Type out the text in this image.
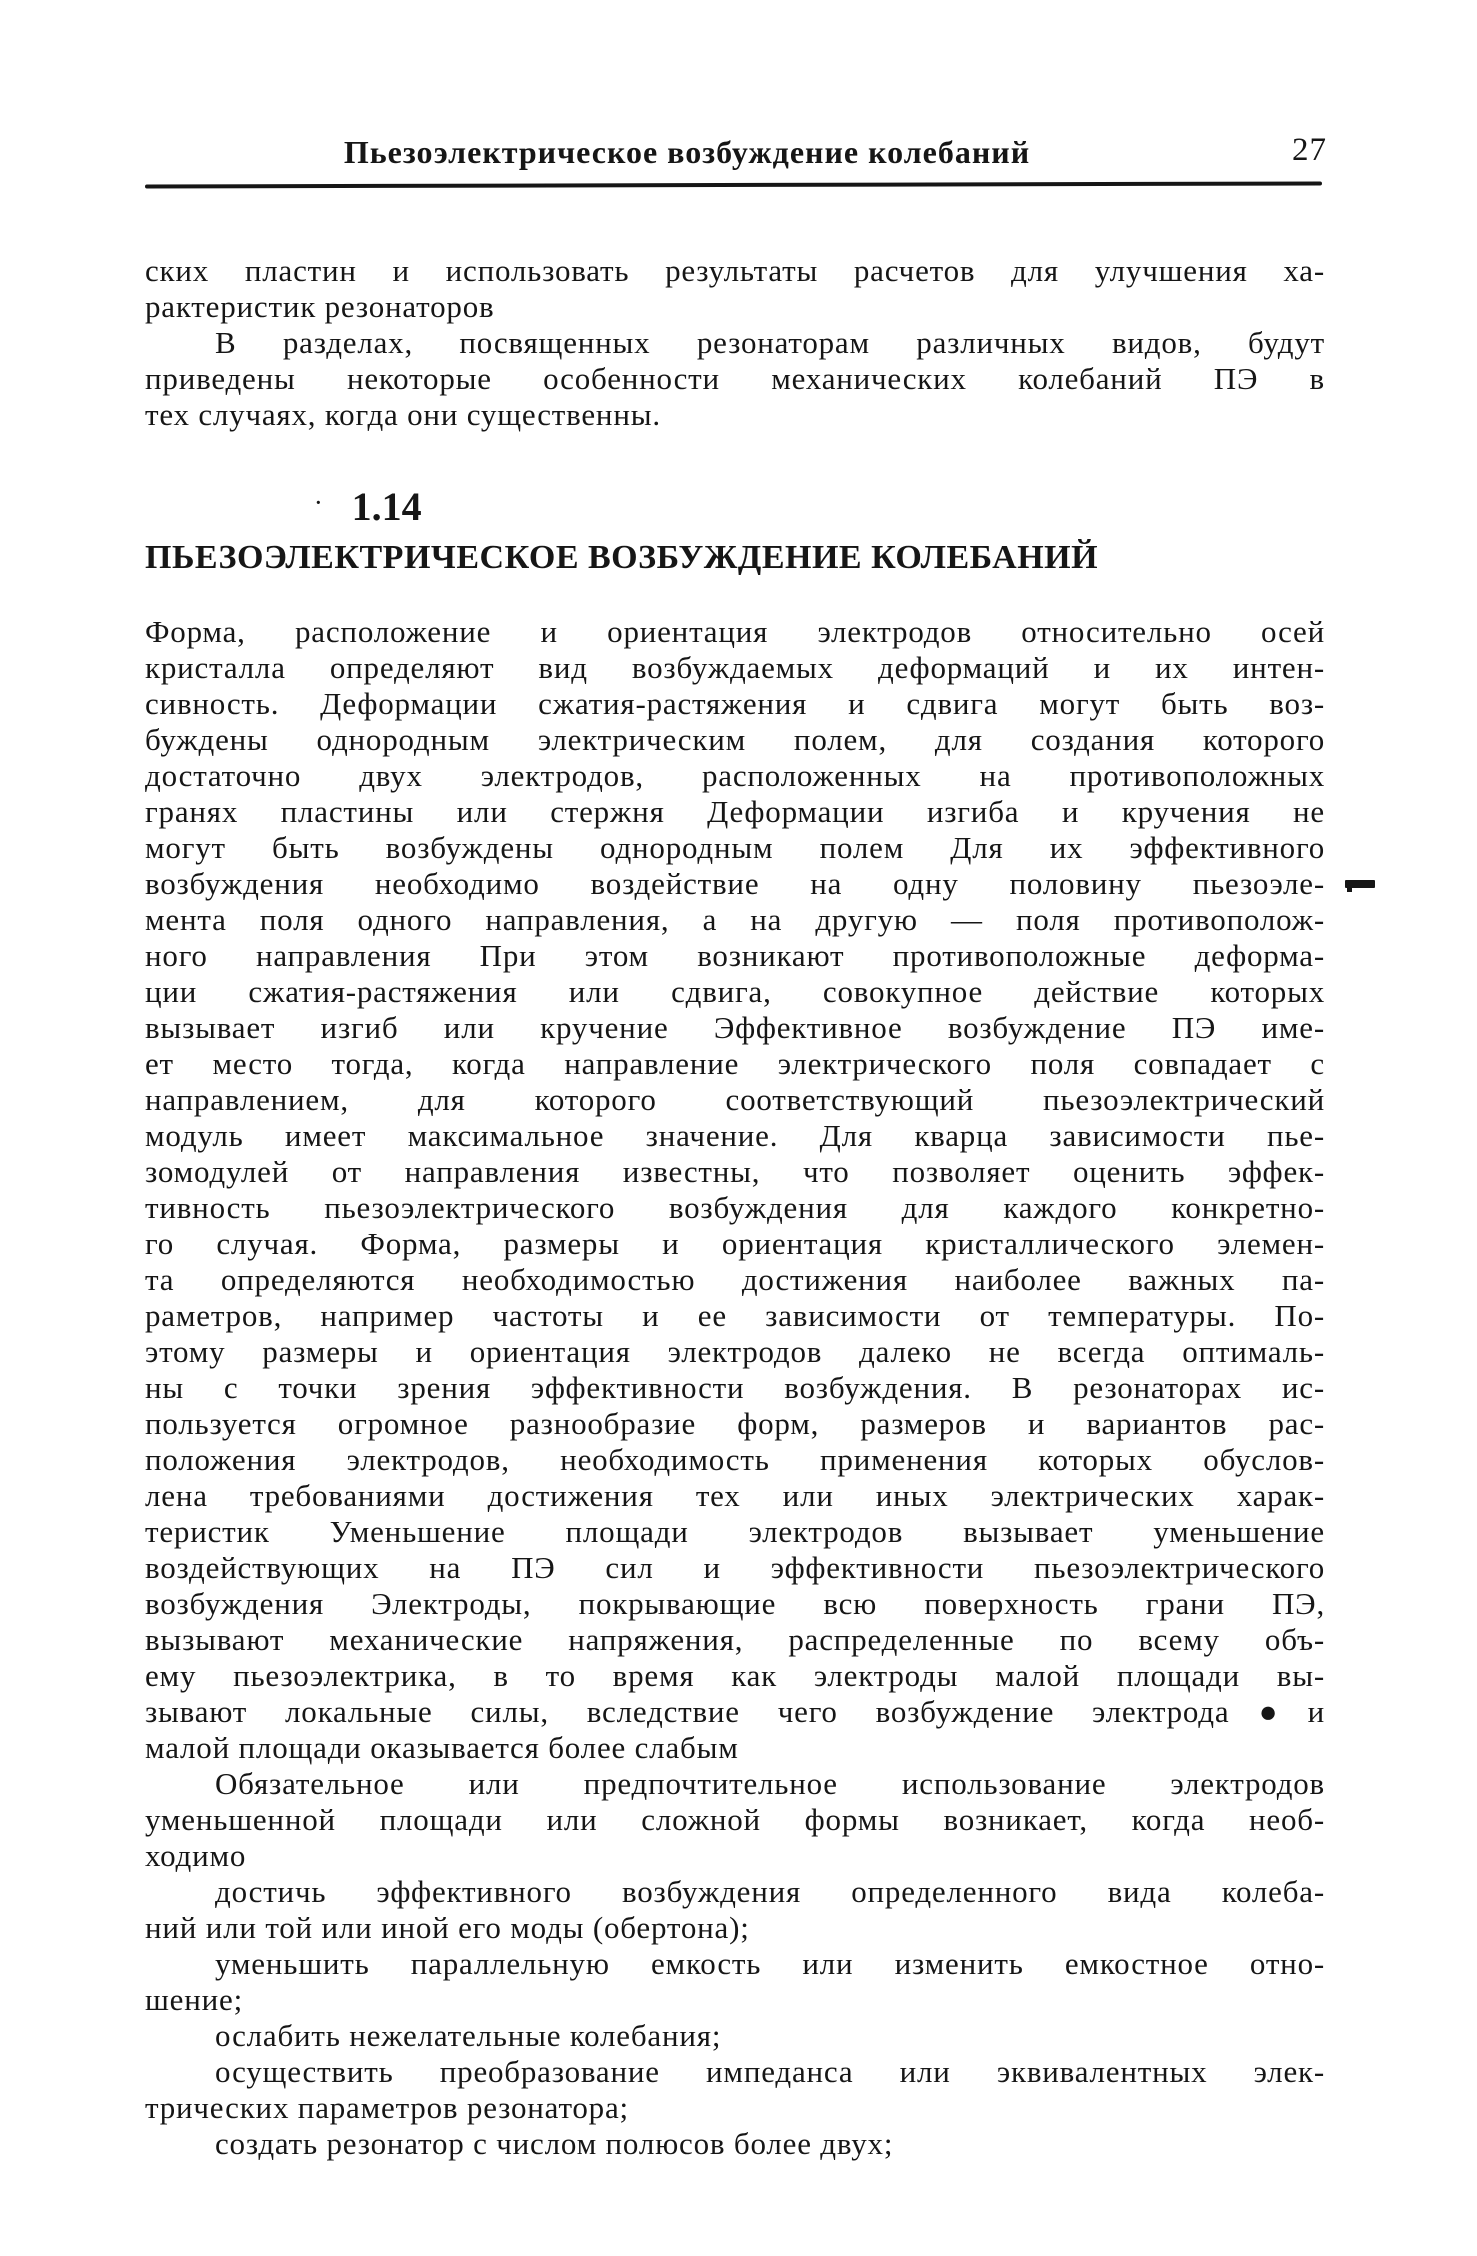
Пьезоэлектрическое возбуждение колебаний	27
ских пластин и использовать результаты расчетов для улучшения ха-
рактеристик резонаторов
В разделах, посвященных резонаторам различных видов, будут
приведены некоторые особенности механических колебаний ПЭ в
тех случаях, когда они существенны.
· 1.14
ПЬЕЗОЭЛЕКТРИЧЕСКОЕ ВОЗБУЖДЕНИЕ КОЛЕБАНИЙ
Форма, расположение и ориентация электродов относительно осей
кристалла определяют вид возбуждаемых деформаций и их интен-
сивность. Деформации сжатия-растяжения и сдвига могут быть воз-
буждены однородным электрическим полем, для создания которого
достаточно двух электродов, расположенных на противоположных
гранях пластины или стержня Деформации изгиба и кручения не
могут быть возбуждены однородным полем Для их эффективного
возбуждения необходимо воздействие на одну половину пьезоэле-
мента поля одного направления, а на другую — поля противополож-
ного направления При этом возникают противоположные деформа-
ции сжатия-растяжения или сдвига, совокупное действие которых
вызывает изгиб или кручение Эффективное возбуждение ПЭ име-
ет место тогда, когда направление электрического поля совпадает с
направлением, для которого соответствующий пьезоэлектрический
модуль имеет максимальное значение. Для кварца зависимости пье-
зомодулей от направления известны, что позволяет оценить эффек-
тивность пьезоэлектрического возбуждения для каждого конкретно-
го случая. Форма, размеры и ориентация кристаллического элемен-
та определяются необходимостью достижения наиболее важных па-
раметров, например частоты и ее зависимости от температуры. По-
этому размеры и ориентация электродов далеко не всегда оптималь-
ны с точки зрения эффективности возбуждения. В резонаторах ис-
пользуется огромное разнообразие форм, размеров и вариантов рас-
положения электродов, необходимость применения которых обуслов-
лена требованиями достижения тех или иных электрических харак-
теристик Уменьшение площади электродов вызывает уменьшение
воздействующих на ПЭ сил и эффективности пьезоэлектрического
возбуждения Электроды, покрывающие всю поверхность грани ПЭ,
вызывают механические напряжения, распределенные по всему объ-
ему пьезоэлектрика, в то время как электроды малой площади вы-
зывают локальные силы, вследствие чего возбуждение электрода●и
малой площади оказывается более слабым
Обязательное или предпочтительное использование электродов
уменьшенной площади или сложной формы возникает, когда необ-
ходимо
достичь эффективного возбуждения определенного вида колеба-
ний или той или иной его моды (обертона);
уменьшить параллельную емкость или изменить емкостное отно-
шение;
ослабить нежелательные колебания;
осуществить преобразование импеданса или эквивалентных элек-
трических параметров резонатора;
создать резонатор с числом полюсов более двух;
